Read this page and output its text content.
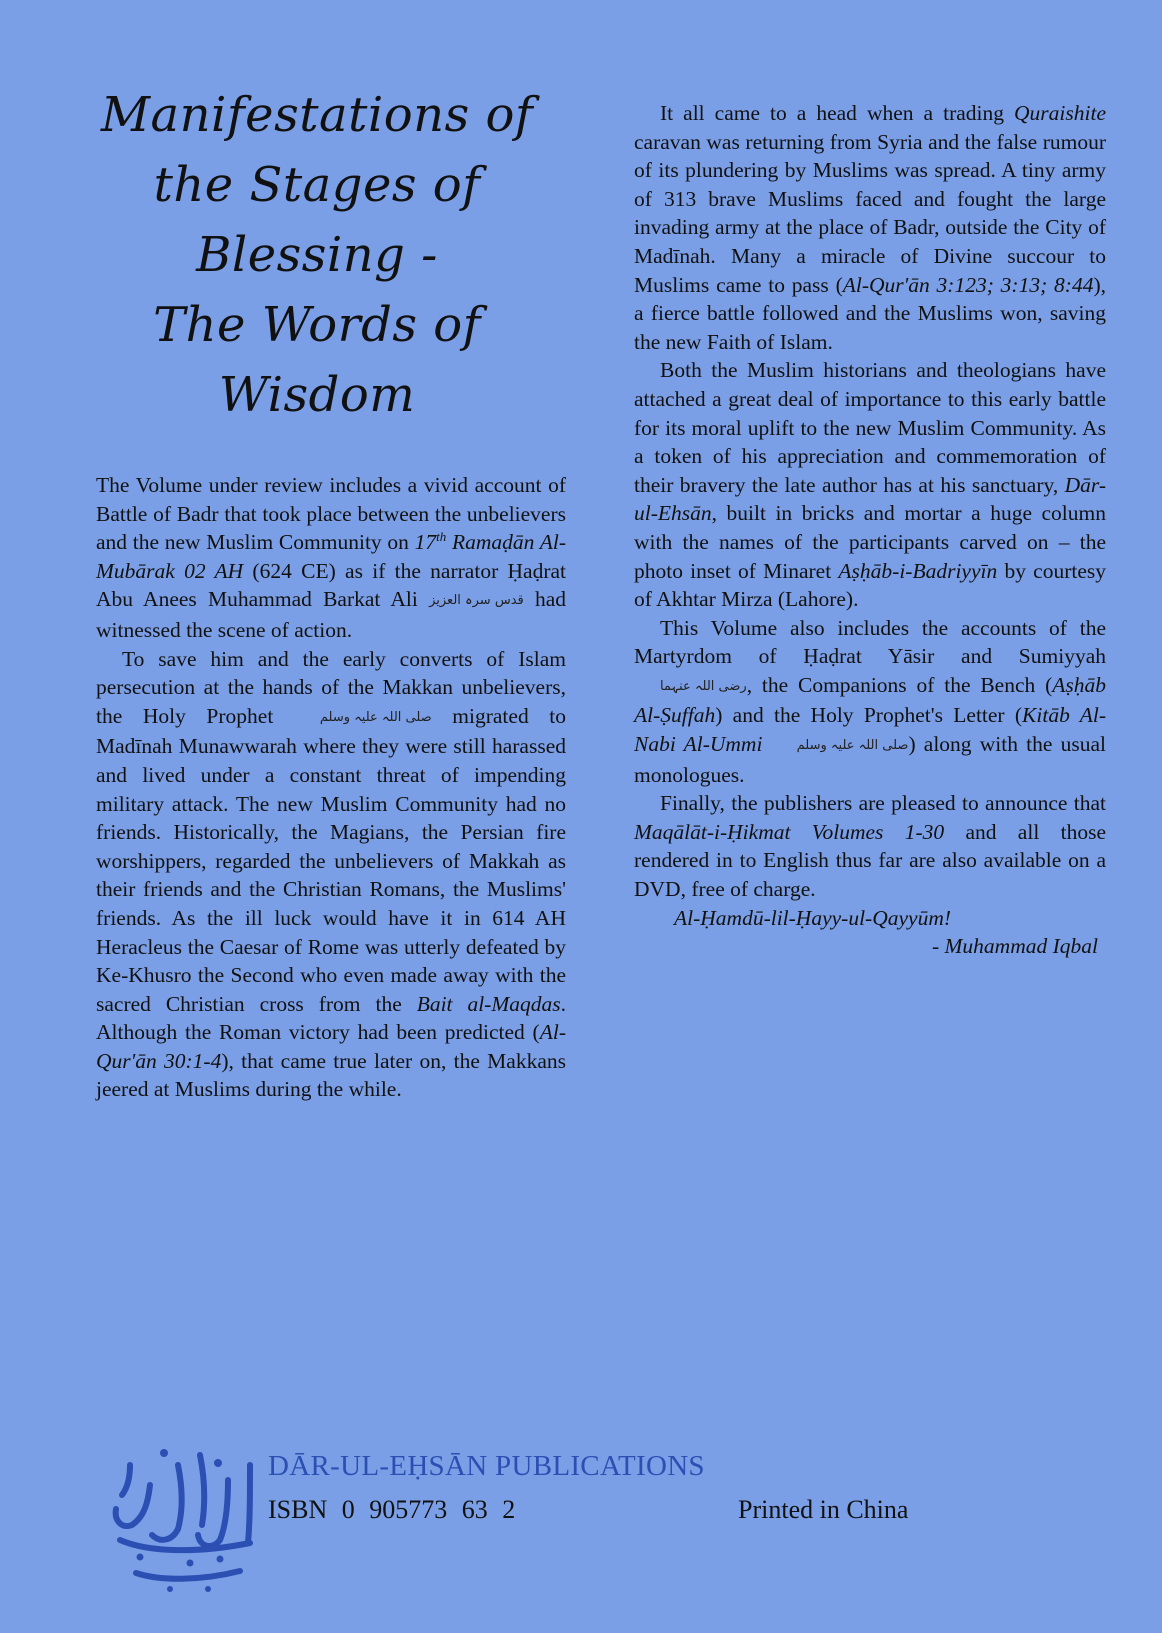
Manifestations of
the Stages of
Blessing -
The Words of
Wisdom

The Volume under review includes a vivid account of Battle of Badr that took place between the unbelievers and the new Muslim Community on 17th Ramaḍān Al-Mubārak 02 AH (624 CE) as if the narrator Ḥaḍrat Abu Anees Muhammad Barkat Ali قدس سرہ العزیز had witnessed the scene of action.

To save him and the early converts of Islam persecution at the hands of the Makkan unbelievers, the Holy Prophet صلی اللہ علیہ وسلم migrated to Madīnah Munawwarah where they were still harassed and lived under a constant threat of impending military attack. The new Muslim Community had no friends. Historically, the Magians, the Persian fire worshippers, regarded the unbelievers of Makkah as their friends and the Christian Romans, the Muslims' friends. As the ill luck would have it in 614 AH Heracleus the Caesar of Rome was utterly defeated by Ke-Khusro the Second who even made away with the sacred Christian cross from the Bait al-Maqdas. Although the Roman victory had been predicted (Al-Qur'ān 30:1-4), that came true later on, the Makkans jeered at Muslims during the while.

It all came to a head when a trading Quraishite caravan was returning from Syria and the false rumour of its plundering by Muslims was spread. A tiny army of 313 brave Muslims faced and fought the large invading army at the place of Badr, outside the City of Madīnah. Many a miracle of Divine succour to Muslims came to pass (Al-Qur'ān 3:123; 3:13; 8:44), a fierce battle followed and the Muslims won, saving the new Faith of Islam.

Both the Muslim historians and theologians have attached a great deal of importance to this early battle for its moral uplift to the new Muslim Community. As a token of his appreciation and commemoration of their bravery the late author has at his sanctuary, Dār-ul-Ehsān, built in bricks and mortar a huge column with the names of the participants carved on – the photo inset of Minaret Aṣḥāb-i-Badriyyīn by courtesy of Akhtar Mirza (Lahore).

This Volume also includes the accounts of the Martyrdom of Ḥaḍrat Yāsir and Sumiyyah رضی اللہ عنہما, the Companions of the Bench (Aṣḥāb Al-Ṣuffah) and the Holy Prophet's Letter (Kitāb Al-Nabi Al-Ummi	صلی اللہ علیہ وسلم) along with the usual monologues.

Finally, the publishers are pleased to announce that Maqālāt-i-Ḥikmat Volumes 1-30 and all those rendered in to English thus far are also available on a DVD, free of charge.

Al-Ḥamdū-lil-Ḥayy-ul-Qayyūm!

- Muhammad Iqbal

DĀR-UL-EḤSĀN PUBLICATIONS
ISBN 0 905773 63 2	Printed in China
